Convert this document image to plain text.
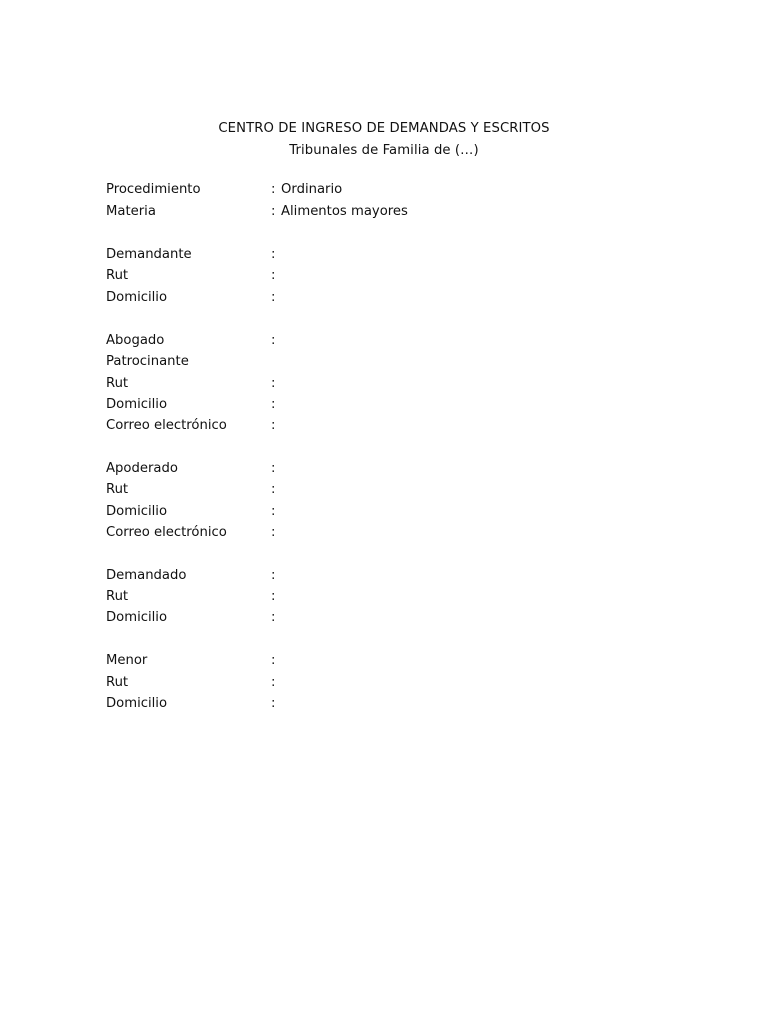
CENTRO DE INGRESO DE DEMANDAS Y ESCRITOS
Tribunales de Familia de (…)
Procedimiento	: Ordinario
Materia	: Alimentos mayores
Demandante	:
Rut	:
Domicilio	:
Abogado	:
Patrocinante
Rut	:
Domicilio	:
Correo electrónico	:
Apoderado	:
Rut	:
Domicilio	:
Correo electrónico	:
Demandado	:
Rut	:
Domicilio	:
Menor	:
Rut	:
Domicilio	:
